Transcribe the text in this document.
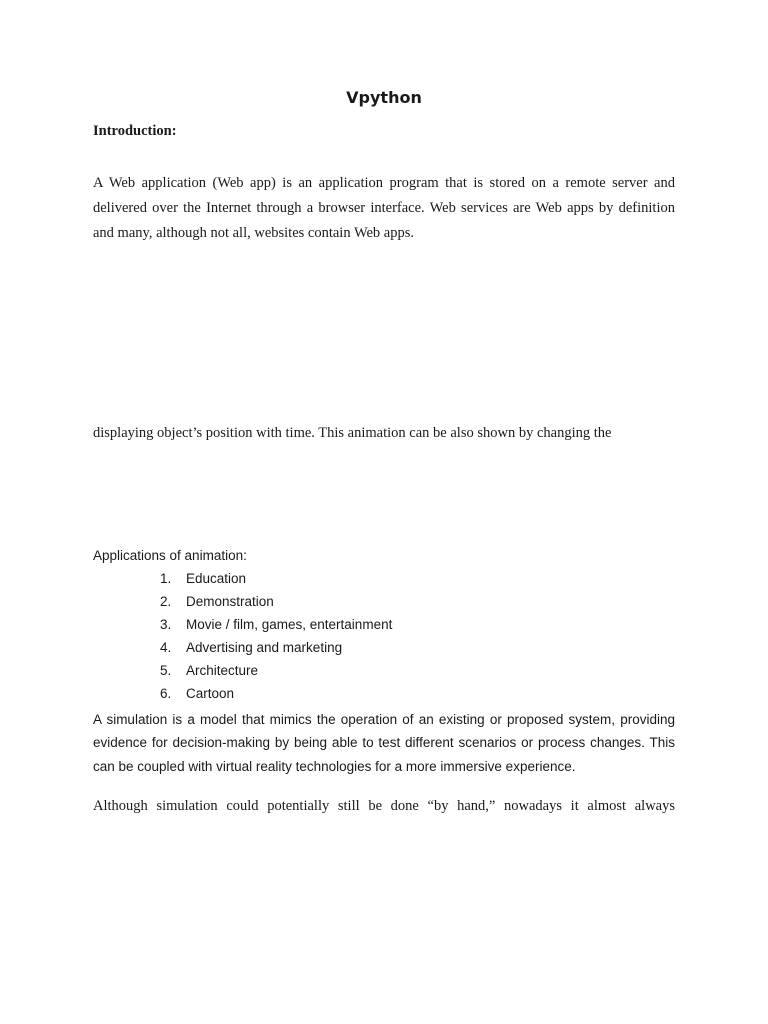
Vpython

Introduction:

A Web application (Web app) is an application program that is stored on a remote server and delivered over the Internet through a browser interface. Web services are Web apps by definition and many, although not all, websites contain Web apps.

displaying object’s position with time. This animation can be also shown by changing the

Applications of animation:

1.	Education
2.	Demonstration
3.	Movie / film, games, entertainment
4.	Advertising and marketing
5.	Architecture
6.	Cartoon

A simulation is a model that mimics the operation of an existing or proposed system, providing evidence for decision-making by being able to test different scenarios or process changes. This can be coupled with virtual reality technologies for a more immersive experience.

Although simulation could potentially still be done “by hand,” nowadays it almost always
